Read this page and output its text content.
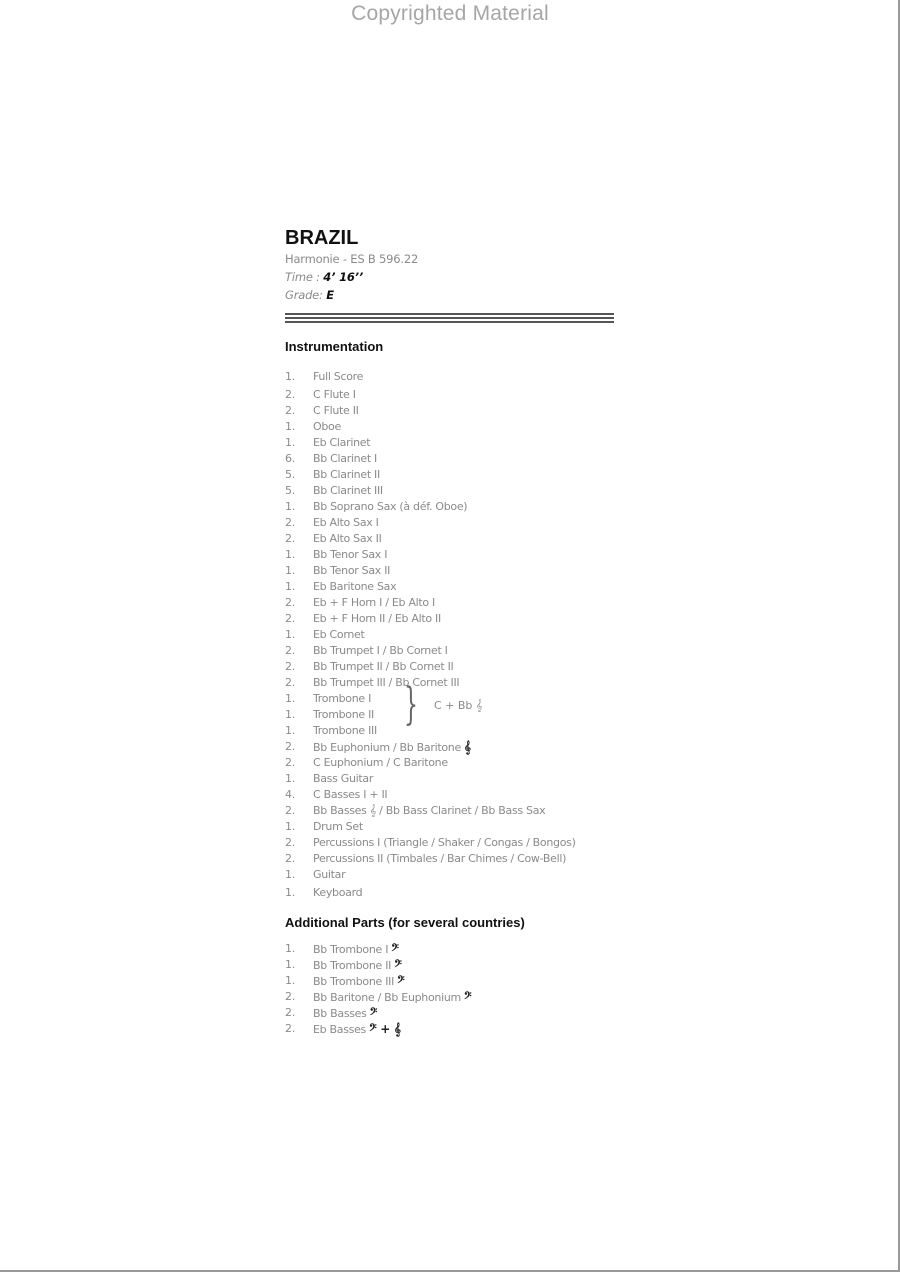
Copyrighted Material
BRAZIL
Harmonie - ES B 596.22
Time : 4’ 16’’
Grade: E
Instrumentation
1.	Full Score
2.	C Flute I
2.	C Flute II
1.	Oboe
1.	Eb Clarinet
6.	Bb Clarinet I
5.	Bb Clarinet II
5.	Bb Clarinet III
1.	Bb Soprano Sax (à déf. Oboe)
2.	Eb Alto Sax I
2.	Eb Alto Sax II
1.	Bb Tenor Sax I
1.	Bb Tenor Sax II
1.	Eb Baritone Sax
2.	Eb + F Horn I / Eb Alto I
2.	Eb + F Horn II / Eb Alto II
1.	Eb Cornet
2.	Bb Trumpet I / Bb Cornet I
2.	Bb Trumpet II / Bb Cornet II
2.	Bb Trumpet III / Bb Cornet III
1.	Trombone I
1.	Trombone II
1.	Trombone III
2.	Bb Euphonium / Bb Baritone 𝄞
2.	C Euphonium / C Baritone
1.	Bass Guitar
4.	C Basses I + II
2.	Bb Basses 𝄞 / Bb Bass Clarinet / Bb Bass Sax
1.	Drum Set
2.	Percussions I (Triangle / Shaker / Congas / Bongos)
2.	Percussions II (Timbales / Bar Chimes / Cow-Bell)
1.	Guitar
1.	Keyboard
Additional Parts (for several countries)
1.	Bb Trombone I 𝄢
1.	Bb Trombone II 𝄢
1.	Bb Trombone III 𝄢
2.	Bb Baritone / Bb Euphonium 𝄢
2.	Bb Basses 𝄢
2.	Eb Basses 𝄢 + 𝄞
} C + Bb 𝄞
